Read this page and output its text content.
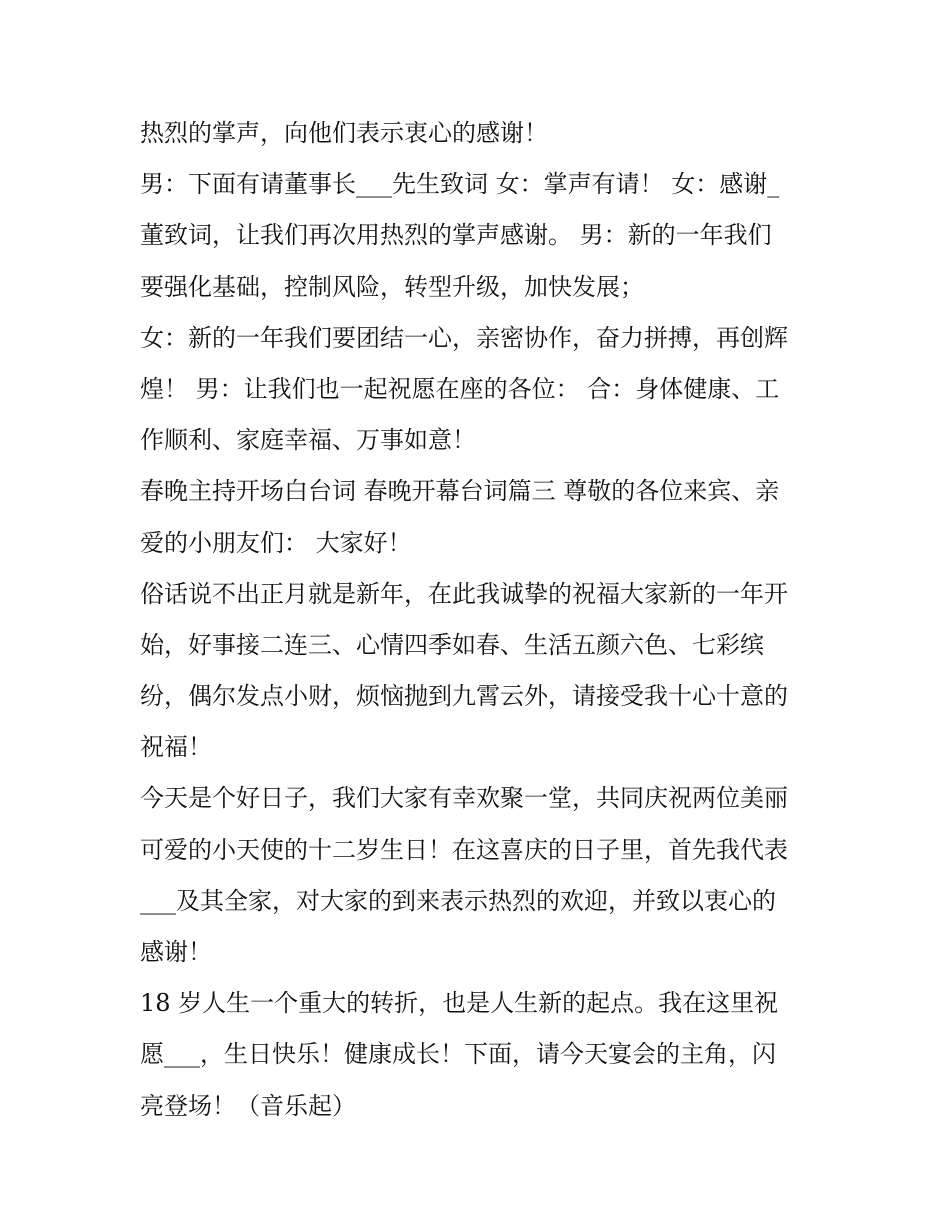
热烈的掌声，向他们表示衷心的感谢！
男：下面有请董事长___先生致词 女：掌声有请！ 女：感谢_
董致词，让我们再次用热烈的掌声感谢。 男：新的一年我们
要强化基础，控制风险，转型升级，加快发展；
女：新的一年我们要团结一心，亲密协作，奋力拼搏，再创辉
煌！ 男：让我们也一起祝愿在座的各位： 合：身体健康、工
作顺利、家庭幸福、万事如意！
春晚主持开场白台词 春晚开幕台词篇三 尊敬的各位来宾、亲
爱的小朋友们： 大家好！
俗话说不出正月就是新年，在此我诚挚的祝福大家新的一年开
始，好事接二连三、心情四季如春、生活五颜六色、七彩缤
纷，偶尔发点小财，烦恼抛到九霄云外，请接受我十心十意的
祝福！
今天是个好日子，我们大家有幸欢聚一堂，共同庆祝两位美丽
可爱的小天使的十二岁生日！在这喜庆的日子里，首先我代表
___及其全家，对大家的到来表示热烈的欢迎，并致以衷心的
感谢！
18 岁人生一个重大的转折，也是人生新的起点。我在这里祝
愿___，生日快乐！健康成长！下面，请今天宴会的主角，闪
亮登场！（音乐起）
